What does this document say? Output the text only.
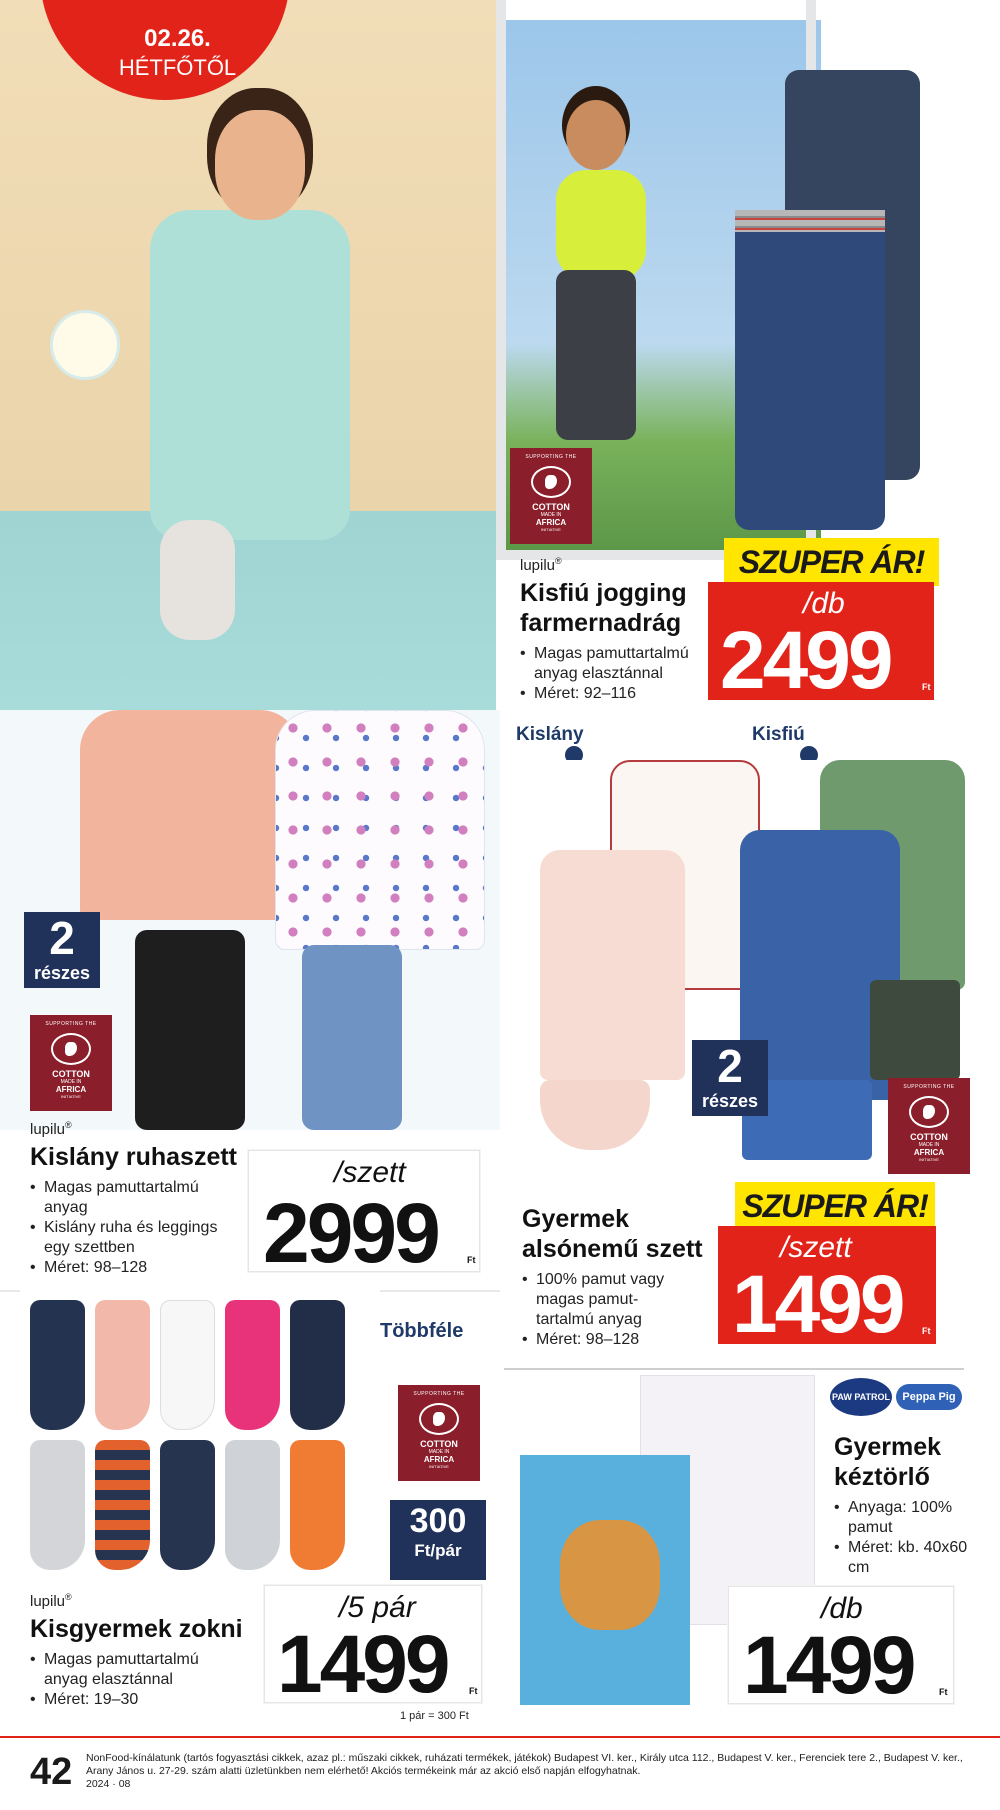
02.26.
HÉTFŐTŐL
SUPPORTING THE
COTTON
MADE IN
AFRICA
INITIATIVE
lupilu®
Kisfiú jogging
farmernadrág
• Magas pamuttartalmú anyag elasztánnal
• Méret: 92–116
SZUPER ÁR!
/db
2499	Ft
2
részes
SUPPORTING THE
COTTON
MADE IN
AFRICA
INITIATIVE
lupilu®
Kislány ruhaszett
• Magas pamuttartalmú anyag
• Kislány ruha és leggings egy szettben
• Méret: 98–128
/szett
2999	Ft
Kislány	Kisfiú
2
részes
SUPPORTING THE
COTTON
MADE IN
AFRICA
INITIATIVE
Gyermek
alsónemű szett
• 100% pamut vagy magas pamut-tartalmú anyag
• Méret: 98–128
SZUPER ÁR!
/szett
1499 Ft
Többféle
SUPPORTING THE
COTTON
MADE IN
AFRICA
INITIATIVE
300
Ft/pár
lupilu®
Kisgyermek zokni
• Magas pamuttartalmú anyag elasztánnal
• Méret: 19–30
/5 pár
1499 Ft
1 pár = 300 Ft
PAW PATROL	Peppa Pig
Gyermek
kéztörlő
• Anyaga: 100% pamut
• Méret: kb. 40x60 cm
/db
1499	Ft
42 NonFood-kínálatunk (tartós fogyasztási cikkek, azaz pl.: műszaki cikkek, ruházati termékek, játékok) Budapest VI. ker., Király utca 112., Budapest V. ker., Ferenciek tere 2., Budapest V. ker., Arany János u. 27-29. szám alatti üzletünkben nem elérhető! Akciós termékeink már az akció első napján elfogyhatnak.
2024 · 08
